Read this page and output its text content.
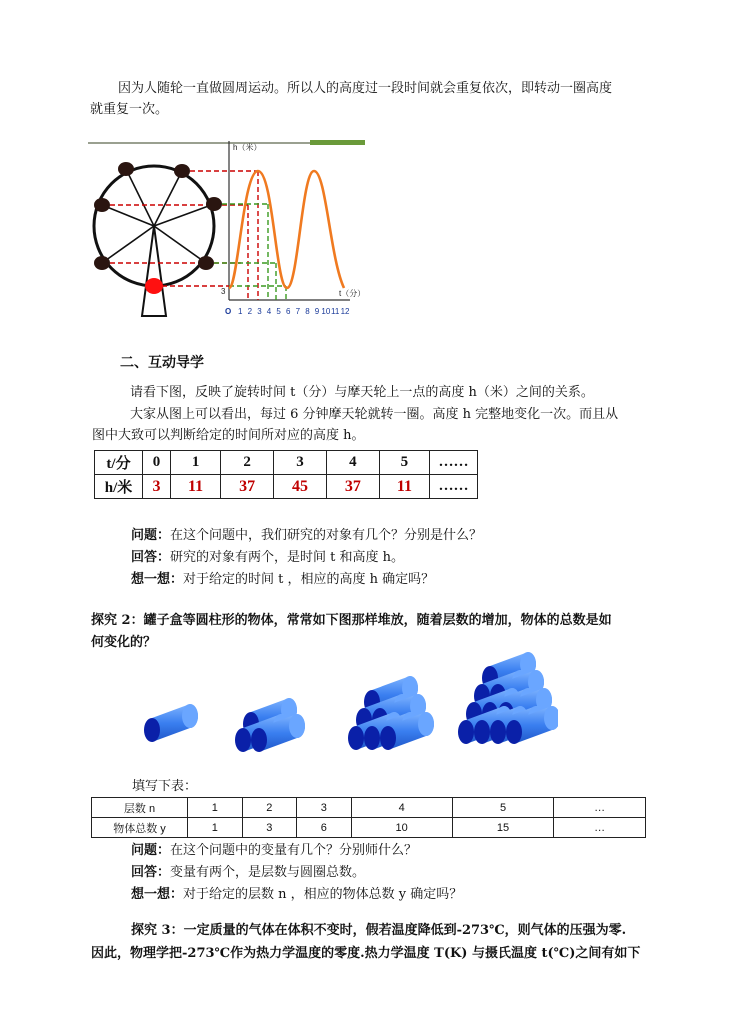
因为人随轮一直做圆周运动。所以人的高度过一段时间就会重复依次，即转动一圈高度
就重复一次。
h（米）
t（分）
3
O 1 2 3 4 5 6 7 8 9 10 11 12
二、互动导学
请看下图，反映了旋转时间 t（分）与摩天轮上一点的高度 h（米）之间的关系。
大家从图上可以看出，每过 6 分钟摩天轮就转一圈。高度 h 完整地变化一次。而且从
图中大致可以判断给定的时间所对应的高度 h。
t/分	0	1	2	3	4	5	……
h/米	3	11	37	45	37	11	……
问题：在这个问题中，我们研究的对象有几个？分别是什么？
回答：研究的对象有两个，是时间 t 和高度 h。
想一想：对于给定的时间 t ，相应的高度 h 确定吗？
探究 2：罐子盒等圆柱形的物体，常常如下图那样堆放，随着层数的增加，物体的总数是如
何变化的？
填写下表：
层数 n	1	2	3	4	5	…
物体总数 y	1	3	6	10	15	…
问题：在这个问题中的变量有几个？分别师什么？
回答：变量有两个，是层数与圆圈总数。
想一想：对于给定的层数 n ，相应的物体总数 y 确定吗？
探究 3：一定质量的气体在体积不变时，假若温度降低到-273℃，则气体的压强为零.
因此，物理学把-273℃作为热力学温度的零度.热力学温度 T(K) 与摄氏温度 t(℃)之间有如下
